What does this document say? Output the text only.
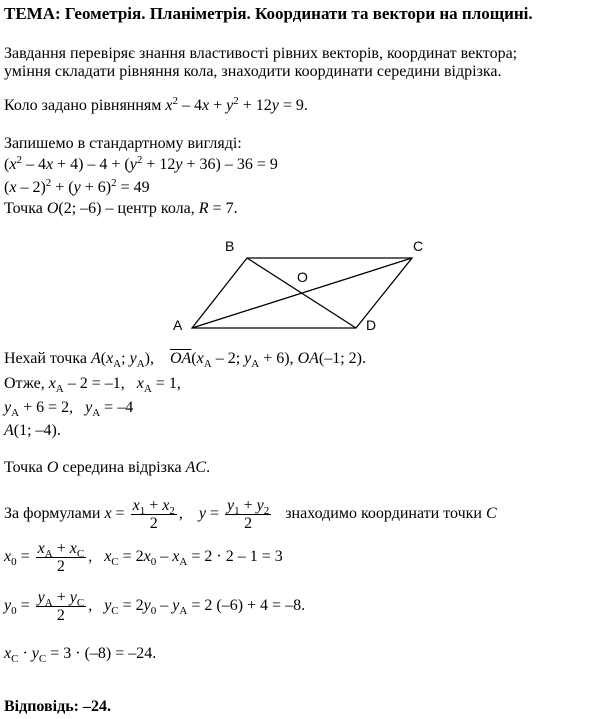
ТЕМА: Геометрія. Планіметрія. Координати та вектори на площині.
Завдання перевіряє знання властивості рівних векторів, координат вектора;
уміння складати рівняння кола, знаходити координати середини відрізка.
Коло задано рівнянням $x^2 - 4x + y^2 + 12y = 9$.
Запишемо в стандартному вигляді:
$(x^2 - 4x + 4) - 4 + (y^2 + 12y + 36) - 36 = 9$
$(x - 2)^2 + (y + 6)^2 = 49$
Точка O(2; –6) – центр кола, R = 7.
B	C
O
A	D
Нехай точка $A(x_A$; $y_A$),    $\overline{OA}(x_A - 2$; $y_A + 6$), OA(–1; 2).
Отже, $x_A - 2 = -1$,   $x_A = 1$,
$y_A + 6 = 2$,   $y_A = -4$
A(1; –4).
Точка O середина відрізка AC.
За формулами $x = \frac{x_1 + x_2}{2}$ ,    $y = \frac{y_1 + y_2}{2}$ знаходимо координати точки C
$x_0 = \frac{x_A + x_C}{2}$ ,   $x_C = 2x_0 - x_A = 2 \cdot 2 - 1 = 3$
$y_0 = \frac{y_A + y_C}{2}$ ,   $y_C = 2y_0 - y_A = 2$ (–6) + 4 = –8.
$x_C \cdot y_C = 3 \cdot (-8) = -24$.
Відповідь: –24.
